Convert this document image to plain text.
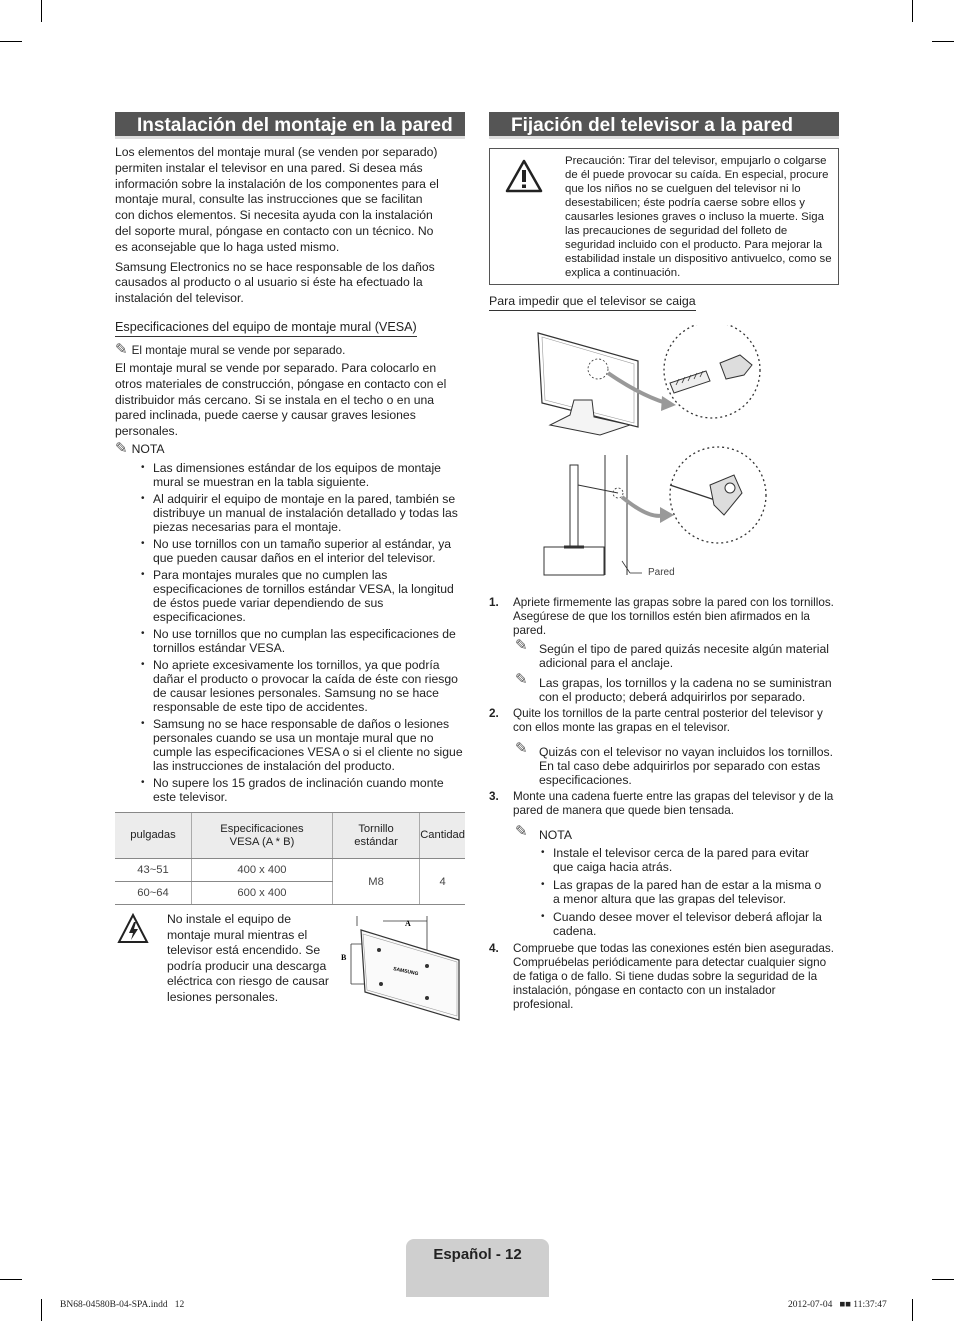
Instalación del montaje en la pared

Los elementos del montaje mural (se venden por separado) permiten instalar el televisor en una pared. Si desea más información sobre la instalación de los componentes para el montaje mural, consulte las instrucciones que se facilitan con dichos elementos. Si necesita ayuda con la instalación del soporte mural, póngase en contacto con un técnico. No es aconsejable que lo haga usted mismo.

Samsung Electronics no se hace responsable de los daños causados al producto o al usuario si éste ha efectuado la instalación del televisor.

Especificaciones del equipo de montaje mural (VESA)
✎ El montaje mural se vende por separado.

El montaje mural se vende por separado. Para colocarlo en otros materiales de construcción, póngase en contacto con el distribuidor más cercano. Si se instala en el techo o en una pared inclinada, puede caerse y causar graves lesiones personales.

✎ NOTA
• Las dimensiones estándar de los equipos de montaje mural se muestran en la tabla siguiente.
• Al adquirir el equipo de montaje en la pared, también se distribuye un manual de instalación detallado y todas las piezas necesarias para el montaje.
• No use tornillos con un tamaño superior al estándar, ya que pueden causar daños en el interior del televisor.
• Para montajes murales que no cumplen las especificaciones de tornillos estándar VESA, la longitud de éstos puede variar dependiendo de sus especificaciones.
• No use tornillos que no cumplan las especificaciones de tornillos estándar VESA.
• No apriete excesivamente los tornillos, ya que podría dañar el producto o provocar la caída de éste con riesgo de causar lesiones personales. Samsung no se hace responsable de este tipo de accidentes.
• Samsung no se hace responsable de daños o lesiones personales cuando se usa un montaje mural que no cumple las especificaciones VESA o si el cliente no sigue las instrucciones de instalación del producto.
• No supere los 15 grados de inclinación cuando monte este televisor.
pulgadas	Especificaciones VESA (A * B)	Tornillo estándar	Cantidad
43~51	400 x 400	M8	4
60~64	600 x 400		
No instale el equipo de montaje mural mientras el televisor está encendido. Se podría producir una descarga eléctrica con riesgo de causar lesiones personales.
A
B
SAMSUNG
Fijación del televisor a la pared
Precaución: Tirar del televisor, empujarlo o colgarse de él puede provocar su caída. En especial, procure que los niños no se cuelguen del televisor ni lo desestabilicen; éste podría caerse sobre ellos y causarles lesiones graves o incluso la muerte. Siga las precauciones de seguridad del folleto de seguridad incluido con el producto. Para mejorar la estabilidad instale un dispositivo antivuelco, como se explica a continuación.
Para impedir que el televisor se caiga
Pared
1. Apriete firmemente las grapas sobre la pared con los tornillos. Asegúrese de que los tornillos estén bien afirmados en la pared.
✎ Según el tipo de pared quizás necesite algún material adicional para el anclaje.
✎ Las grapas, los tornillos y la cadena no se suministran con el producto; deberá adquirirlos por separado.
2. Quite los tornillos de la parte central posterior del televisor y con ellos monte las grapas en el televisor.
✎ Quizás con el televisor no vayan incluidos los tornillos. En tal caso debe adquirirlos por separado con estas especificaciones.
3. Monte una cadena fuerte entre las grapas del televisor y de la pared de manera que quede bien tensada.
✎ NOTA
• Instale el televisor cerca de la pared para evitar que caiga hacia atrás.
• Las grapas de la pared han de estar a la misma o a menor altura que las grapas del televisor.
• Cuando desee mover el televisor deberá aflojar la cadena.
4. Compruebe que todas las conexiones estén bien aseguradas. Compruébelas periódicamente para detectar cualquier signo de fatiga o de fallo. Si tiene dudas sobre la seguridad de la instalación, póngase en contacto con un instalador profesional.
Español - 12
BN68-04580B-04-SPA.indd   12	2012-07-04   ■■ 11:37:47
